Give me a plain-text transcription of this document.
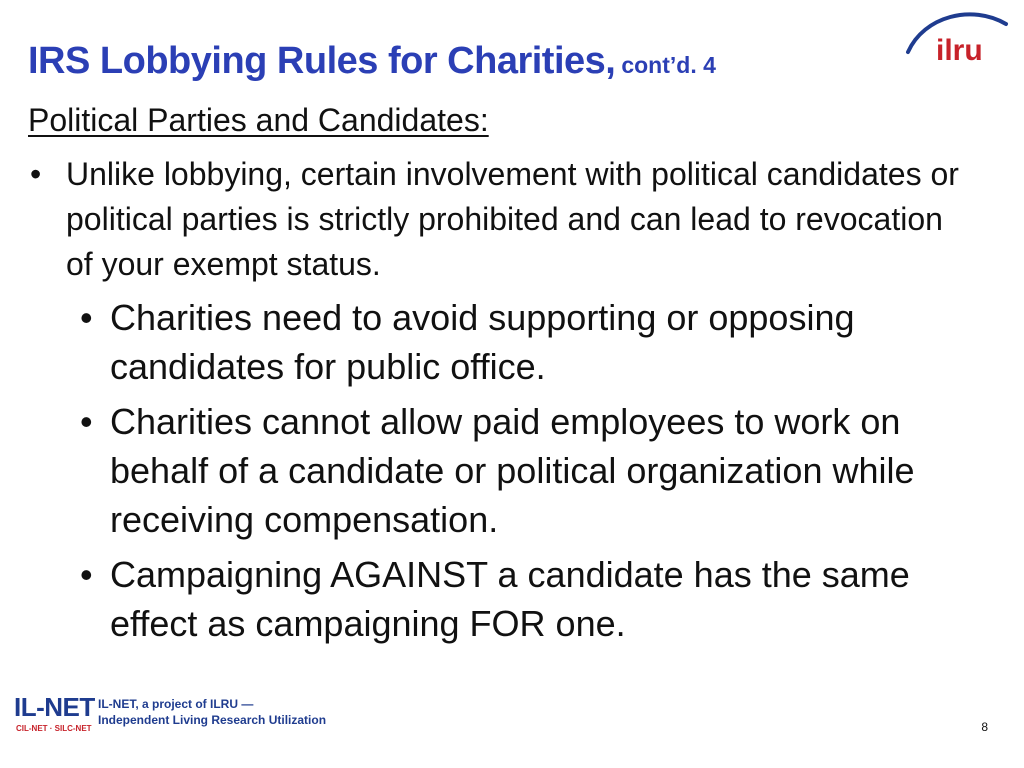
IRS Lobbying Rules for Charities, cont’d. 4	ilru

Political Parties and Candidates:

• Unlike lobbying, certain involvement with political candidates or political parties is strictly prohibited and can lead to revocation of your exempt status.
• Charities need to avoid supporting or opposing candidates for public office.
• Charities cannot allow paid employees to work on behalf of a candidate or political organization while receiving compensation.
• Campaigning AGAINST a candidate has the same effect as campaigning FOR one.
IL-NET
CIL-NET · SILC-NET
IL-NET, a project of ILRU —
Independent Living Research Utilization	8
